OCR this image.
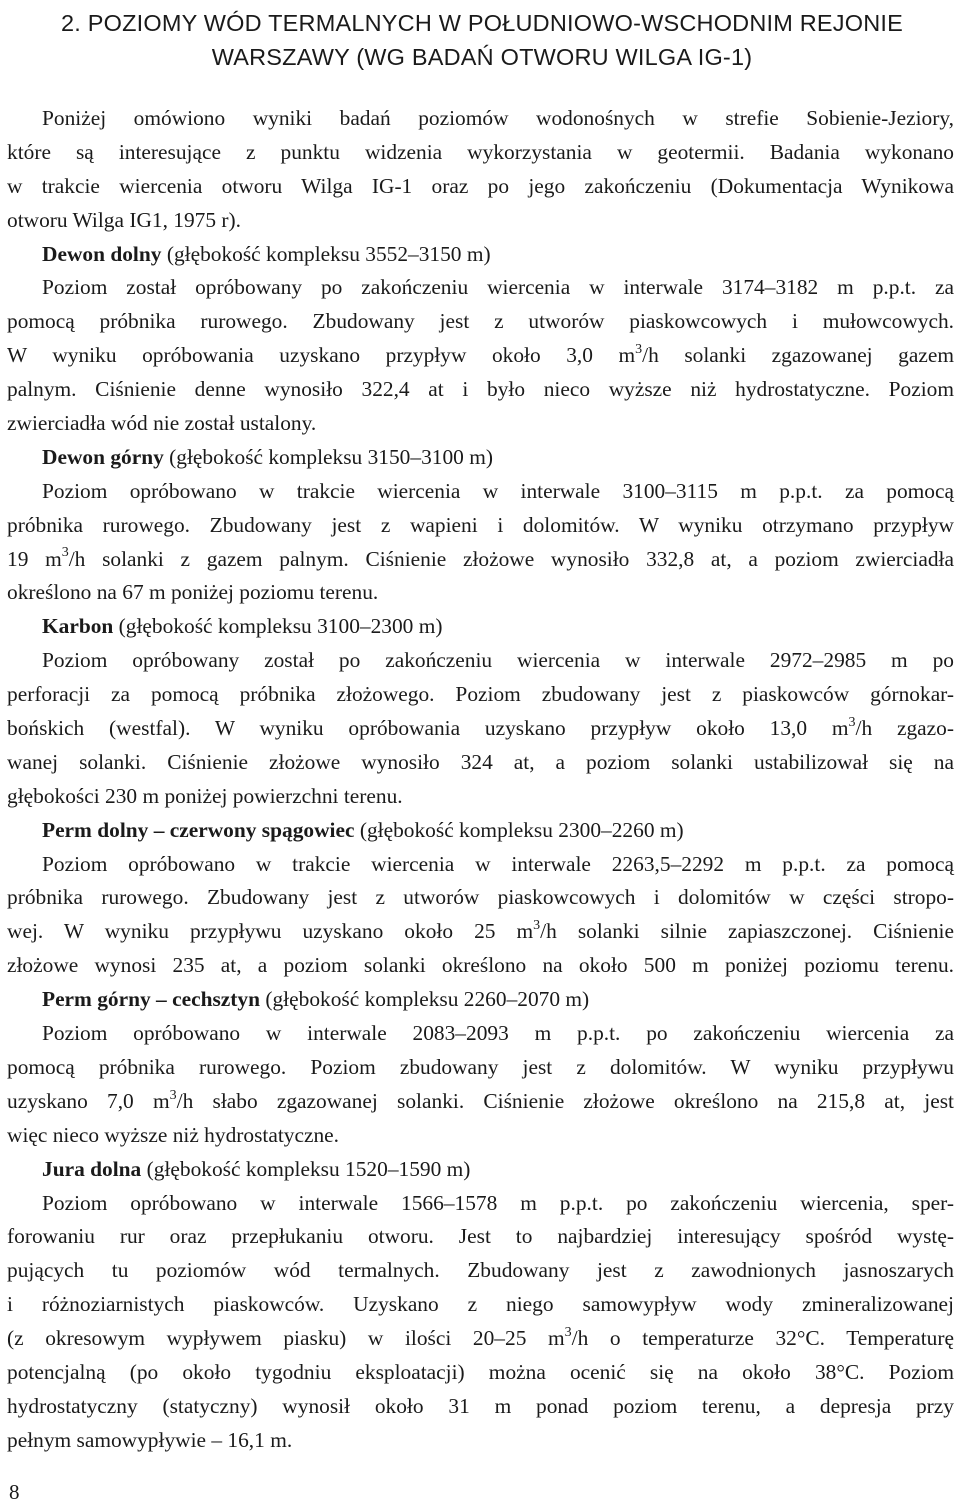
2. POZIOMY WÓD TERMALNYCH W POŁUDNIOWO-WSCHODNIM REJONIE
WARSZAWY (WG BADAŃ OTWORU WILGA IG-1)
Poniżej omówiono wyniki badań poziomów wodonośnych w strefie Sobienie-Jeziory,
które są interesujące z punktu widzenia wykorzystania w geotermii. Badania wykonano
w trakcie wiercenia otworu Wilga IG-1 oraz po jego zakończeniu (Dokumentacja Wynikowa
otworu Wilga IG1, 1975 r).
Dewon dolny (głębokość kompleksu 3552–3150 m)
Poziom został opróbowany po zakończeniu wiercenia w interwale 3174–3182 m p.p.t. za
pomocą próbnika rurowego. Zbudowany jest z utworów piaskowcowych i mułowcowych.
W wyniku opróbowania uzyskano przypływ około 3,0 $m^3/h$ solanki zgazowanej gazem
palnym. Ciśnienie denne wynosiło 322,4 at i było nieco wyższe niż hydrostatyczne. Poziom
zwierciadła wód nie został ustalony.
Dewon górny (głębokość kompleksu 3150–3100 m)
Poziom opróbowano w trakcie wiercenia w interwale 3100–3115 m p.p.t. za pomocą
próbnika rurowego. Zbudowany jest z wapieni i dolomitów. W wyniku otrzymano przypływ
19 $m^3/h$ solanki z gazem palnym. Ciśnienie złożowe wynosiło 332,8 at, a poziom zwierciadła
określono na 67 m poniżej poziomu terenu.
Karbon (głębokość kompleksu 3100–2300 m)
Poziom opróbowany został po zakończeniu wiercenia w interwale 2972–2985 m po
perforacji za pomocą próbnika złożowego. Poziom zbudowany jest z piaskowców górnokar-
bońskich (westfal). W wyniku opróbowania uzyskano przypływ około 13,0 $m^3/h$ zgazo-
wanej solanki. Ciśnienie złożowe wynosiło 324 at, a poziom solanki ustabilizował się na
głębokości 230 m poniżej powierzchni terenu.
Perm dolny – czerwony spągowiec (głębokość kompleksu 2300–2260 m)
Poziom opróbowano w trakcie wiercenia w interwale 2263,5–2292 m p.p.t. za pomocą
próbnika rurowego. Zbudowany jest z utworów piaskowcowych i dolomitów w części stropo-
wej. W wyniku przypływu uzyskano około 25 $m^3/h$ solanki silnie zapiaszczonej. Ciśnienie
złożowe wynosi 235 at, a poziom solanki określono na około 500 m poniżej poziomu terenu.
Perm górny – cechsztyn (głębokość kompleksu 2260–2070 m)
Poziom opróbowano w interwale 2083–2093 m p.p.t. po zakończeniu wiercenia za
pomocą próbnika rurowego. Poziom zbudowany jest z dolomitów. W wyniku przypływu
uzyskano 7,0 $m^3/h$ słabo zgazowanej solanki. Ciśnienie złożowe określono na 215,8 at, jest
więc nieco wyższe niż hydrostatyczne.
Jura dolna (głębokość kompleksu 1520–1590 m)
Poziom opróbowano w interwale 1566–1578 m p.p.t. po zakończeniu wiercenia, sper-
forowaniu rur oraz przepłukaniu otworu. Jest to najbardziej interesujący spośród wystę-
pujących tu poziomów wód termalnych. Zbudowany jest z zawodnionych jasnoszarych
i różnoziarnistych piaskowców. Uzyskano z niego samowypływ wody zmineralizowanej
(z okresowym wypływem piasku) w ilości 20–25 $m^3/h$ o temperaturze 32°C. Temperaturę
potencjalną (po około tygodniu eksploatacji) można ocenić się na około 38°C. Poziom
hydrostatyczny (statyczny) wynosił około 31 m ponad poziom terenu, a depresja przy
pełnym samowypływie – 16,1 m.
8
